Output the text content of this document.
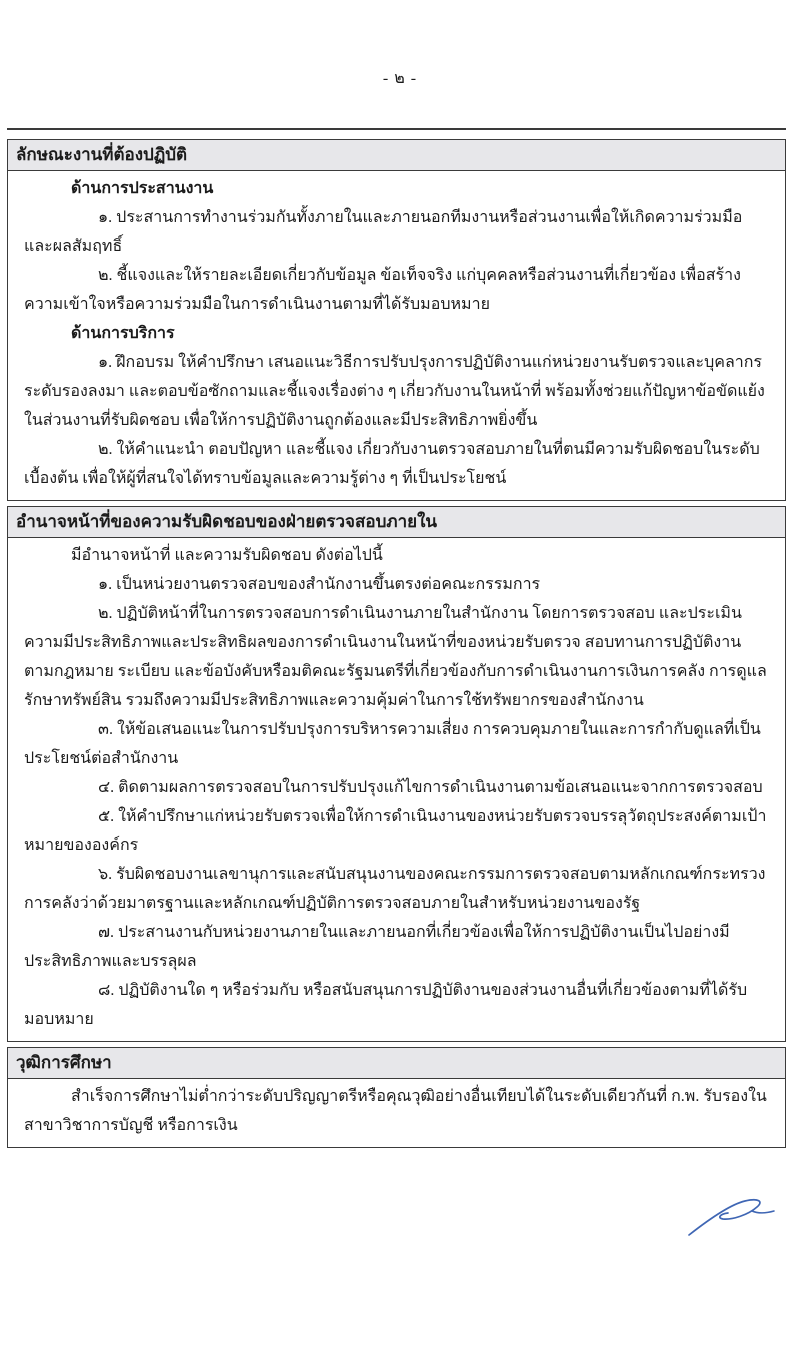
- ๒ -
ลักษณะงานที่ต้องปฏิบัติ

ด้านการประสานงาน

๑. ประสานการทำงานร่วมกันทั้งภายในและภายนอกทีมงานหรือส่วนงานเพื่อให้เกิดความร่วมมือและผลสัมฤทธิ์

๒. ชี้แจงและให้รายละเอียดเกี่ยวกับข้อมูล ข้อเท็จจริง แก่บุคคลหรือส่วนงานที่เกี่ยวข้อง เพื่อสร้างความเข้าใจหรือความร่วมมือในการดำเนินงานตามที่ได้รับมอบหมาย

ด้านการบริการ

๑. ฝึกอบรม ให้คำปรึกษา เสนอแนะวิธีการปรับปรุงการปฏิบัติงานแก่หน่วยงานรับตรวจและบุคลากรระดับรองลงมา และตอบข้อซักถามและชี้แจงเรื่องต่าง ๆ เกี่ยวกับงานในหน้าที่ พร้อมทั้งช่วยแก้ปัญหาข้อขัดแย้งในส่วนงานที่รับผิดชอบ เพื่อให้การปฏิบัติงานถูกต้องและมีประสิทธิภาพยิ่งขึ้น

๒. ให้คำแนะนำ ตอบปัญหา และชี้แจง เกี่ยวกับงานตรวจสอบภายในที่ตนมีความรับผิดชอบในระดับเบื้องต้น เพื่อให้ผู้ที่สนใจได้ทราบข้อมูลและความรู้ต่าง ๆ ที่เป็นประโยชน์

อำนาจหน้าที่ของความรับผิดชอบของฝ่ายตรวจสอบภายใน

มีอำนาจหน้าที่ และความรับผิดชอบ ดังต่อไปนี้

๑. เป็นหน่วยงานตรวจสอบของสำนักงานขึ้นตรงต่อคณะกรรมการ

๒. ปฏิบัติหน้าที่ในการตรวจสอบการดำเนินงานภายในสำนักงาน โดยการตรวจสอบ และประเมินความมีประสิทธิภาพและประสิทธิผลของการดำเนินงานในหน้าที่ของหน่วยรับตรวจ สอบทานการปฏิบัติงานตามกฎหมาย ระเบียบ และข้อบังคับหรือมติคณะรัฐมนตรีที่เกี่ยวข้องกับการดำเนินงานการเงินการคลัง การดูแลรักษาทรัพย์สิน รวมถึงความมีประสิทธิภาพและความคุ้มค่าในการใช้ทรัพยากรของสำนักงาน

๓. ให้ข้อเสนอแนะในการปรับปรุงการบริหารความเสี่ยง การควบคุมภายในและการกำกับดูแลที่เป็นประโยชน์ต่อสำนักงาน

๔. ติดตามผลการตรวจสอบในการปรับปรุงแก้ไขการดำเนินงานตามข้อเสนอแนะจากการตรวจสอบ

๕. ให้คำปรึกษาแก่หน่วยรับตรวจเพื่อให้การดำเนินงานของหน่วยรับตรวจบรรลุวัตถุประสงค์ตามเป้าหมายขององค์กร

๖. รับผิดชอบงานเลขานุการและสนับสนุนงานของคณะกรรมการตรวจสอบตามหลักเกณฑ์กระทรวงการคลังว่าด้วยมาตรฐานและหลักเกณฑ์ปฏิบัติการตรวจสอบภายในสำหรับหน่วยงานของรัฐ

๗. ประสานงานกับหน่วยงานภายในและภายนอกที่เกี่ยวข้องเพื่อให้การปฏิบัติงานเป็นไปอย่างมีประสิทธิภาพและบรรลุผล

๘. ปฏิบัติงานใด ๆ หรือร่วมกับ หรือสนับสนุนการปฏิบัติงานของส่วนงานอื่นที่เกี่ยวข้องตามที่ได้รับมอบหมาย

วุฒิการศึกษา

สำเร็จการศึกษาไม่ต่ำกว่าระดับปริญญาตรีหรือคุณวุฒิอย่างอื่นเทียบได้ในระดับเดียวกันที่ ก.พ. รับรองในสาขาวิชาการบัญชี หรือการเงิน
